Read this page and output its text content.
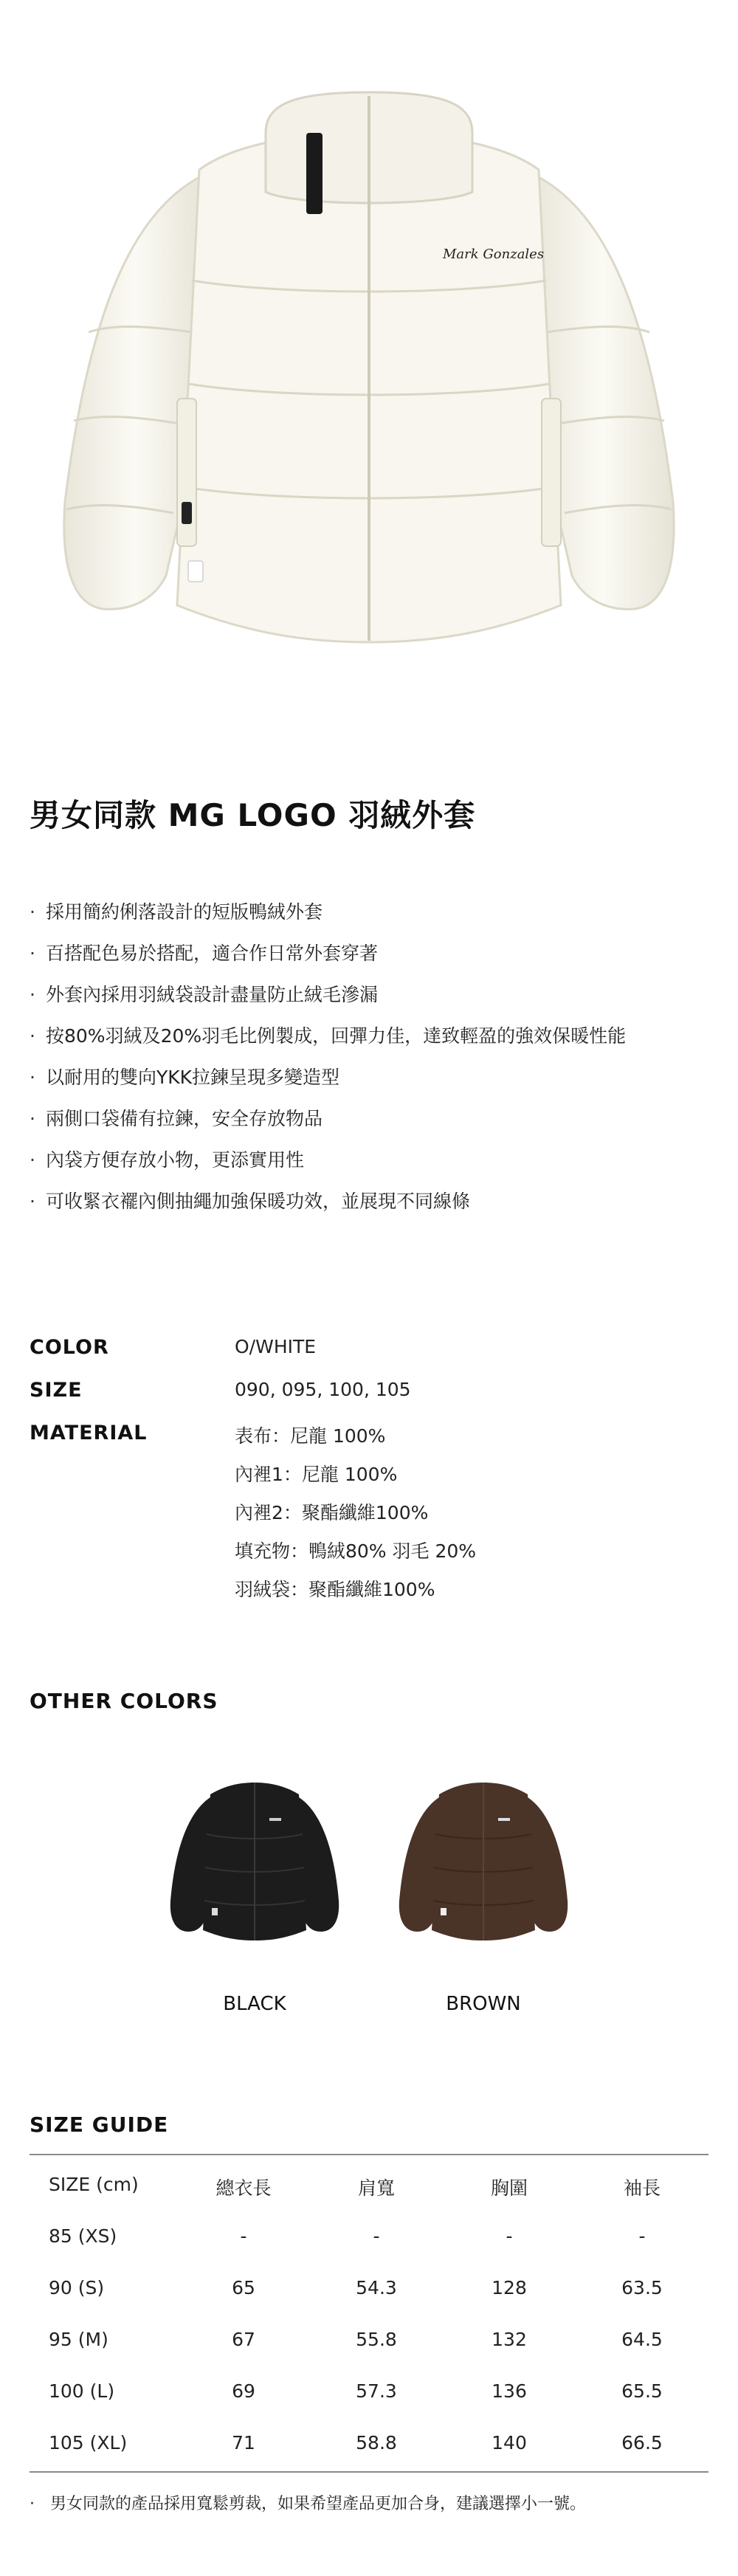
Mark Gonzales
男女同款 MG LOGO 羽絨外套
· 採用簡約俐落設計的短版鴨絨外套
· 百搭配色易於搭配，適合作日常外套穿著
· 外套內採用羽絨袋設計盡量防止絨毛滲漏
· 按80%羽絨及20%羽毛比例製成，回彈力佳，達致輕盈的強效保暖性能
· 以耐用的雙向YKK拉鍊呈現多變造型
· 兩側口袋備有拉鍊，安全存放物品
· 內袋方便存放小物，更添實用性
· 可收緊衣襬內側抽繩加強保暖功效，並展現不同線條
COLOR	O/WHITE
SIZE	090, 095, 100, 105
MATERIAL	表布：尼龍 100%
內裡1：尼龍 100%
內裡2：聚酯纖維100%
填充物：鴨絨80% 羽毛 20%
羽絨袋：聚酯纖維100%
OTHER COLORS
BLACK	BROWN
SIZE GUIDE
SIZE (cm)	總衣長	肩寬	胸圍	袖長
85 (XS)	-	-	-	-
90 (S)	65	54.3	128	63.5
95 (M)	67	55.8	132	64.5
100 (L)	69	57.3	136	65.5
105 (XL)	71	58.8	140	66.5
· 男女同款的產品採用寬鬆剪裁，如果希望產品更加合身，建議選擇小一號。
